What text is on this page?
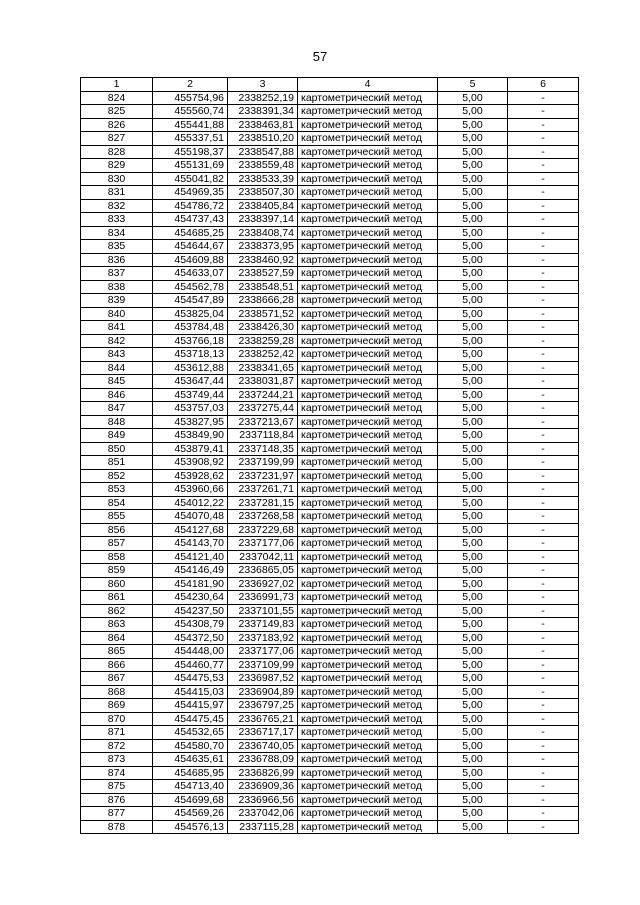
57
1	2	3	4	5	6
824	455754,96	2338252,19	картометрический метод	5,00	-
825	455560,74	2338391,34	картометрический метод	5,00	-
826	455441,88	2338463,81	картометрический метод	5,00	-
827	455337,51	2338510,20	картометрический метод	5,00	-
828	455198,37	2338547,88	картометрический метод	5,00	-
829	455131,69	2338559,48	картометрический метод	5,00	-
830	455041,82	2338533,39	картометрический метод	5,00	-
831	454969,35	2338507,30	картометрический метод	5,00	-
832	454786,72	2338405,84	картометрический метод	5,00	-
833	454737,43	2338397,14	картометрический метод	5,00	-
834	454685,25	2338408,74	картометрический метод	5,00	-
835	454644,67	2338373,95	картометрический метод	5,00	-
836	454609,88	2338460,92	картометрический метод	5,00	-
837	454633,07	2338527,59	картометрический метод	5,00	-
838	454562,78	2338548,51	картометрический метод	5,00	-
839	454547,89	2338666,28	картометрический метод	5,00	-
840	453825,04	2338571,52	картометрический метод	5,00	-
841	453784,48	2338426,30	картометрический метод	5,00	-
842	453766,18	2338259,28	картометрический метод	5,00	-
843	453718,13	2338252,42	картометрический метод	5,00	-
844	453612,88	2338341,65	картометрический метод	5,00	-
845	453647,44	2338031,87	картометрический метод	5,00	-
846	453749,44	2337244,21	картометрический метод	5,00	-
847	453757,03	2337275,44	картометрический метод	5,00	-
848	453827,95	2337213,67	картометрический метод	5,00	-
849	453849,90	2337118,84	картометрический метод	5,00	-
850	453879,41	2337148,35	картометрический метод	5,00	-
851	453908,92	2337199,99	картометрический метод	5,00	-
852	453928,62	2337231,97	картометрический метод	5,00	-
853	453960,66	2337261,71	картометрический метод	5,00	-
854	454012,22	2337281,15	картометрический метод	5,00	-
855	454070,48	2337268,58	картометрический метод	5,00	-
856	454127,68	2337229,68	картометрический метод	5,00	-
857	454143,70	2337177,06	картометрический метод	5,00	-
858	454121,40	2337042,11	картометрический метод	5,00	-
859	454146,49	2336865,05	картометрический метод	5,00	-
860	454181,90	2336927,02	картометрический метод	5,00	-
861	454230,64	2336991,73	картометрический метод	5,00	-
862	454237,50	2337101,55	картометрический метод	5,00	-
863	454308,79	2337149,83	картометрический метод	5,00	-
864	454372,50	2337183,92	картометрический метод	5,00	-
865	454448,00	2337177,06	картометрический метод	5,00	-
866	454460,77	2337109,99	картометрический метод	5,00	-
867	454475,53	2336987,52	картометрический метод	5,00	-
868	454415,03	2336904,89	картометрический метод	5,00	-
869	454415,97	2336797,25	картометрический метод	5,00	-
870	454475,45	2336765,21	картометрический метод	5,00	-
871	454532,65	2336717,17	картометрический метод	5,00	-
872	454580,70	2336740,05	картометрический метод	5,00	-
873	454635,61	2336788,09	картометрический метод	5,00	-
874	454685,95	2336826,99	картометрический метод	5,00	-
875	454713,40	2336909,36	картометрический метод	5,00	-
876	454699,68	2336966,56	картометрический метод	5,00	-
877	454569,26	2337042,06	картометрический метод	5,00	-
878	454576,13	2337115,28	картометрический метод	5,00	-
